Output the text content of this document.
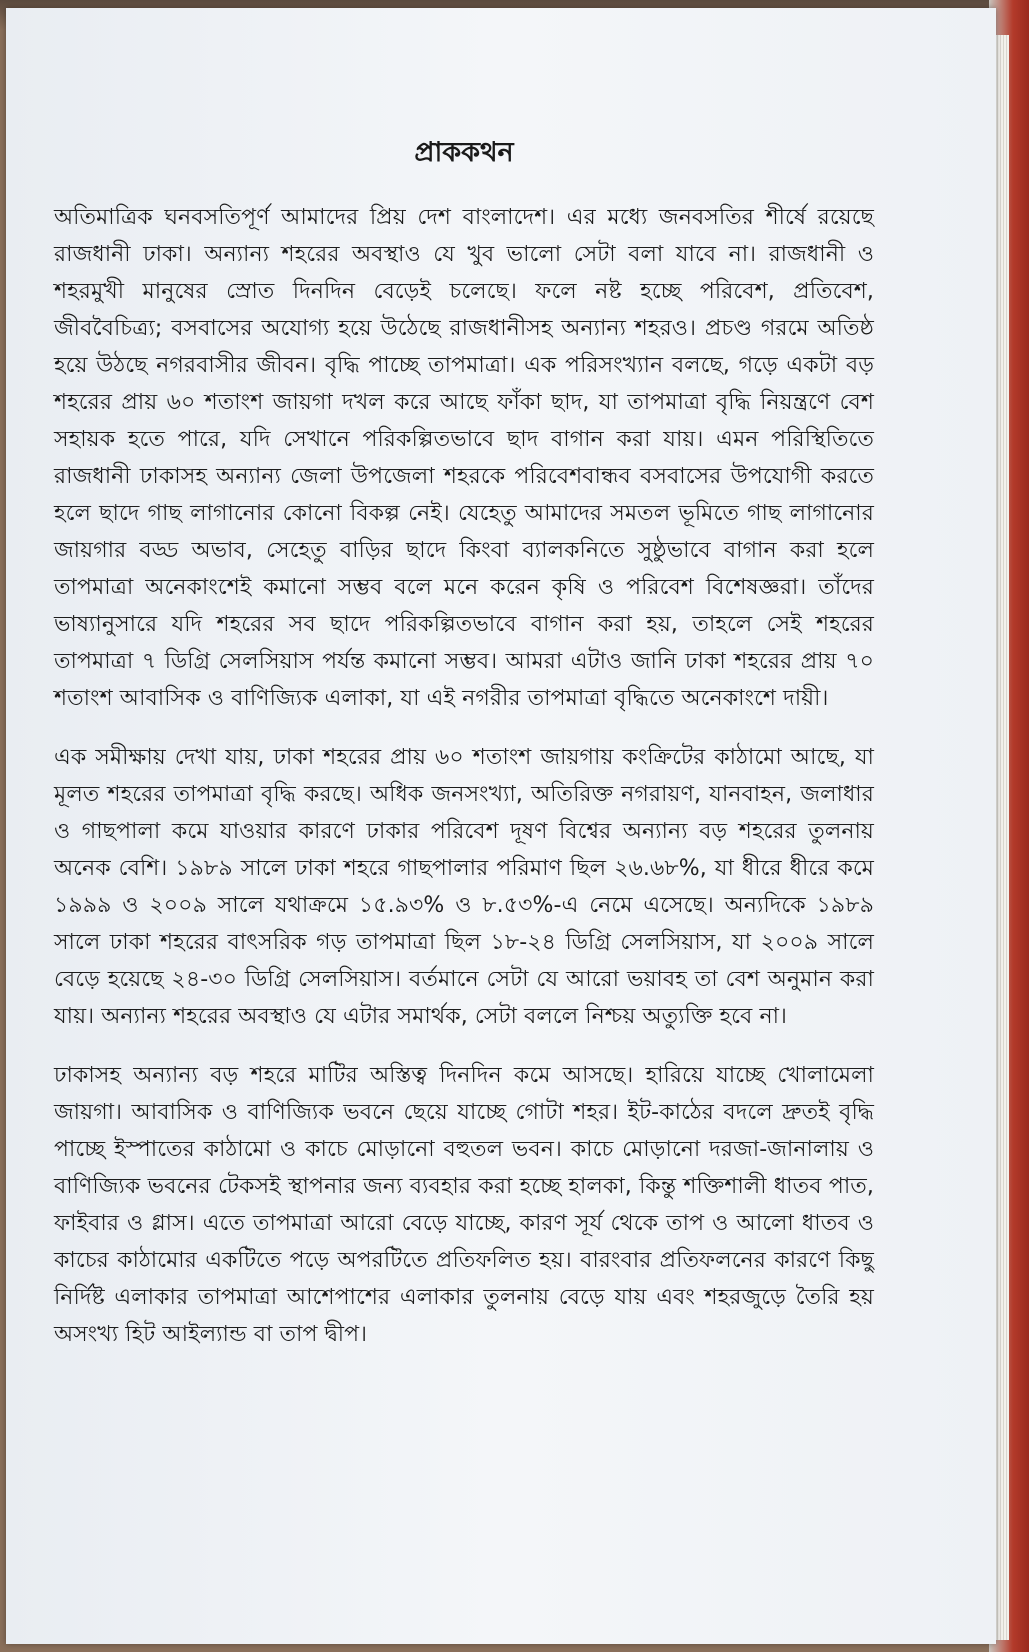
প্রাককথন

অতিমাত্রিক ঘনবসতিপূর্ণ আমাদের প্রিয় দেশ বাংলাদেশ। এর মধ্যে জনবসতির শীর্ষে রয়েছে রাজধানী ঢাকা। অন্যান্য শহরের অবস্থাও যে খুব ভালো সেটা বলা যাবে না। রাজধানী ও শহরমুখী মানুষের স্রোত দিনদিন বেড়েই চলেছে। ফলে নষ্ট হচ্ছে পরিবেশ, প্রতিবেশ, জীববৈচিত্র্য; বসবাসের অযোগ্য হয়ে উঠেছে রাজধানীসহ অন্যান্য শহরও। প্রচণ্ড গরমে অতিষ্ঠ হয়ে উঠছে নগরবাসীর জীবন। বৃদ্ধি পাচ্ছে তাপমাত্রা। এক পরিসংখ্যান বলছে, গড়ে একটা বড় শহরের প্রায় ৬০ শতাংশ জায়গা দখল করে আছে ফাঁকা ছাদ, যা তাপমাত্রা বৃদ্ধি নিয়ন্ত্রণে বেশ সহায়ক হতে পারে, যদি সেখানে পরিকল্পিতভাবে ছাদ বাগান করা যায়। এমন পরিস্থিতিতে রাজধানী ঢাকাসহ অন্যান্য জেলা উপজেলা শহরকে পরিবেশবান্ধব বসবাসের উপযোগী করতে হলে ছাদে গাছ লাগানোর কোনো বিকল্প নেই। যেহেতু আমাদের সমতল ভূমিতে গাছ লাগানোর জায়গার বড্ড অভাব, সেহেতু বাড়ির ছাদে কিংবা ব্যালকনিতে সুষ্ঠুভাবে বাগান করা হলে তাপমাত্রা অনেকাংশেই কমানো সম্ভব বলে মনে করেন কৃষি ও পরিবেশ বিশেষজ্ঞরা। তাঁদের ভাষ্যানুসারে যদি শহরের সব ছাদে পরিকল্পিতভাবে বাগান করা হয়, তাহলে সেই শহরের তাপমাত্রা ৭ ডিগ্রি সেলসিয়াস পর্যন্ত কমানো সম্ভব। আমরা এটাও জানি ঢাকা শহরের প্রায় ৭০ শতাংশ আবাসিক ও বাণিজ্যিক এলাকা, যা এই নগরীর তাপমাত্রা বৃদ্ধিতে অনেকাংশে দায়ী।

এক সমীক্ষায় দেখা যায়, ঢাকা শহরের প্রায় ৬০ শতাংশ জায়গায় কংক্রিটের কাঠামো আছে, যা মূলত শহরের তাপমাত্রা বৃদ্ধি করছে। অধিক জনসংখ্যা, অতিরিক্ত নগরায়ণ, যানবাহন, জলাধার ও গাছপালা কমে যাওয়ার কারণে ঢাকার পরিবেশ দূষণ বিশ্বের অন্যান্য বড় শহরের তুলনায় অনেক বেশি। ১৯৮৯ সালে ঢাকা শহরে গাছপালার পরিমাণ ছিল ২৬.৬৮%, যা ধীরে ধীরে কমে ১৯৯৯ ও ২০০৯ সালে যথাক্রমে ১৫.৯৩% ও ৮.৫৩%-এ নেমে এসেছে। অন্যদিকে ১৯৮৯ সালে ঢাকা শহরের বাৎসরিক গড় তাপমাত্রা ছিল ১৮-২৪ ডিগ্রি সেলসিয়াস, যা ২০০৯ সালে বেড়ে হয়েছে ২৪-৩০ ডিগ্রি সেলসিয়াস। বর্তমানে সেটা যে আরো ভয়াবহ তা বেশ অনুমান করা যায়। অন্যান্য শহরের অবস্থাও যে এটার সমার্থক, সেটা বললে নিশ্চয় অত্যুক্তি হবে না।

ঢাকাসহ অন্যান্য বড় শহরে মাটির অস্তিত্ব দিনদিন কমে আসছে। হারিয়ে যাচ্ছে খোলামেলা জায়গা। আবাসিক ও বাণিজ্যিক ভবনে ছেয়ে যাচ্ছে গোটা শহর। ইট-কাঠের বদলে দ্রুতই বৃদ্ধি পাচ্ছে ইস্পাতের কাঠামো ও কাচে মোড়ানো বহুতল ভবন। কাচে মোড়ানো দরজা-জানালায় ও বাণিজ্যিক ভবনের টেকসই স্থাপনার জন্য ব্যবহার করা হচ্ছে হালকা, কিন্তু শক্তিশালী ধাতব পাত, ফাইবার ও গ্লাস। এতে তাপমাত্রা আরো বেড়ে যাচ্ছে, কারণ সূর্য থেকে তাপ ও আলো ধাতব ও কাচের কাঠামোর একটিতে পড়ে অপরটিতে প্রতিফলিত হয়। বারংবার প্রতিফলনের কারণে কিছু নির্দিষ্ট এলাকার তাপমাত্রা আশেপাশের এলাকার তুলনায় বেড়ে যায় এবং শহরজুড়ে তৈরি হয় অসংখ্য হিট আইল্যান্ড বা তাপ দ্বীপ।
